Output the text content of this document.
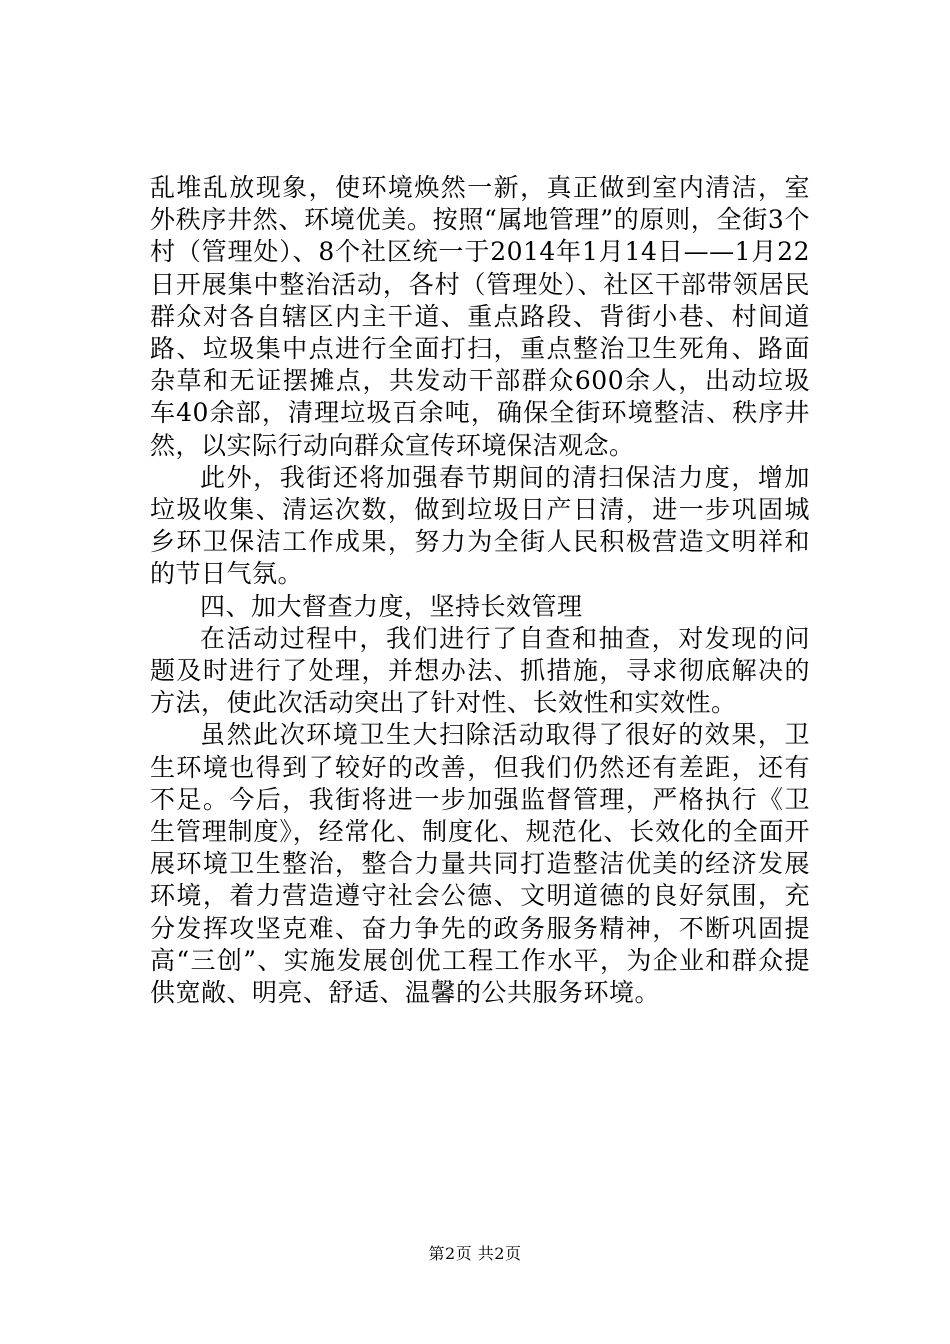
乱堆乱放现象，使环境焕然一新，真正做到室内清洁，室外秩序井然、环境优美。按照“属地管理”的原则，全街3个村（管理处）、8个社区统一于2014年1月14日——1月22日开展集中整治活动，各村（管理处）、社区干部带领居民群众对各自辖区内主干道、重点路段、背街小巷、村间道路、垃圾集中点进行全面打扫，重点整治卫生死角、路面杂草和无证摆摊点，共发动干部群众600余人，出动垃圾车40余部，清理垃圾百余吨，确保全街环境整洁、秩序井然，以实际行动向群众宣传环境保洁观念。

此外，我街还将加强春节期间的清扫保洁力度，增加垃圾收集、清运次数，做到垃圾日产日清，进一步巩固城乡环卫保洁工作成果，努力为全街人民积极营造文明祥和的节日气氛。

四、加大督查力度，坚持长效管理

在活动过程中，我们进行了自查和抽查，对发现的问题及时进行了处理，并想办法、抓措施，寻求彻底解决的方法，使此次活动突出了针对性、长效性和实效性。

虽然此次环境卫生大扫除活动取得了很好的效果，卫生环境也得到了较好的改善，但我们仍然还有差距，还有不足。今后，我街将进一步加强监督管理，严格执行《卫生管理制度》，经常化、制度化、规范化、长效化的全面开展环境卫生整治，整合力量共同打造整洁优美的经济发展环境，着力营造遵守社会公德、文明道德的良好氛围，充分发挥攻坚克难、奋力争先的政务服务精神，不断巩固提高“三创”、实施发展创优工程工作水平，为企业和群众提供宽敞、明亮、舒适、温馨的公共服务环境。

第2页 共2页
